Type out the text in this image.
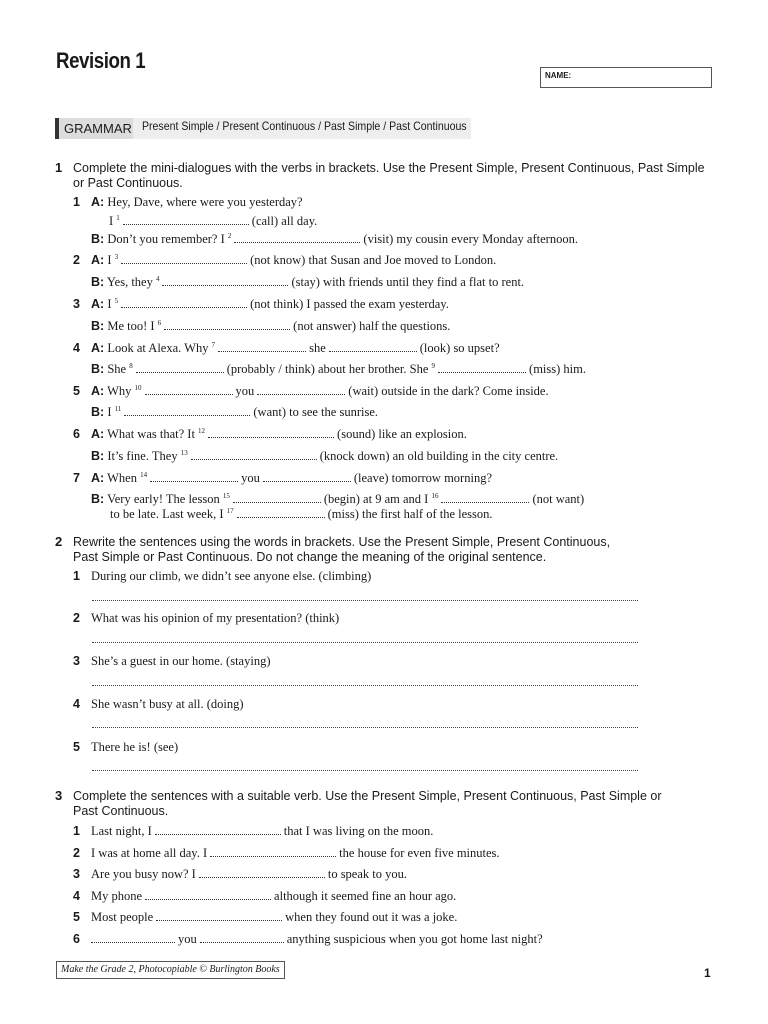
Revision 1
NAME:
GRAMMAR Present Simple / Present Continuous / Past Simple / Past Continuous
1 Complete the mini-dialogues with the verbs in brackets. Use the Present Simple, Present Continuous, Past Simple or Past Continuous.
1 A: Hey, Dave, where were you yesterday?
I $^1$	(call) all day.
B: Don’t you remember? I $^2$	(visit) my cousin every Monday afternoon.
2 A: I $^3$	(not know) that Susan and Joe moved to London.
B: Yes, they $^4$	(stay) with friends until they find a flat to rent.
3 A: I $^5$	(not think) I passed the exam yesterday.
B: Me too! I $^6$	(not answer) half the questions.
4 A: Look at Alexa. Why $^7$	she	(look) so upset?
B: She $^8$	(probably / think) about her brother. She $^9$	(miss) him.
5 A: Why $^{10}$	you	(wait) outside in the dark? Come inside.
B: I $^{11}$	(want) to see the sunrise.
6 A: What was that? It $^{12}$	(sound) like an explosion.
B: It’s fine. They $^{13}$	(knock down) an old building in the city centre.
7 A: When $^{14}$	you	(leave) tomorrow morning?
B: Very early! The lesson $^{15}$	(begin) at 9 am and I $^{16}$	(not want)
to be late. Last week, I $^{17}$	(miss) the first half of the lesson.
2 Rewrite the sentences using the words in brackets. Use the Present Simple, Present Continuous, Past Simple or Past Continuous. Do not change the meaning of the original sentence.
1 During our climb, we didn’t see anyone else. (climbing)
2 What was his opinion of my presentation? (think)
3 She’s a guest in our home. (staying)
4 She wasn’t busy at all. (doing)
5 There he is! (see)
3 Complete the sentences with a suitable verb. Use the Present Simple, Present Continuous, Past Simple or Past Continuous.
1 Last night, I	that I was living on the moon.
2 I was at home all day. I	the house for even five minutes.
3 Are you busy now? I	to speak to you.
4 My phone	although it seemed fine an hour ago.
5 Most people	when they found out it was a joke.
6	you	anything suspicious when you got home last night?
Make the Grade 2, Photocopiable © Burlington Books	1
